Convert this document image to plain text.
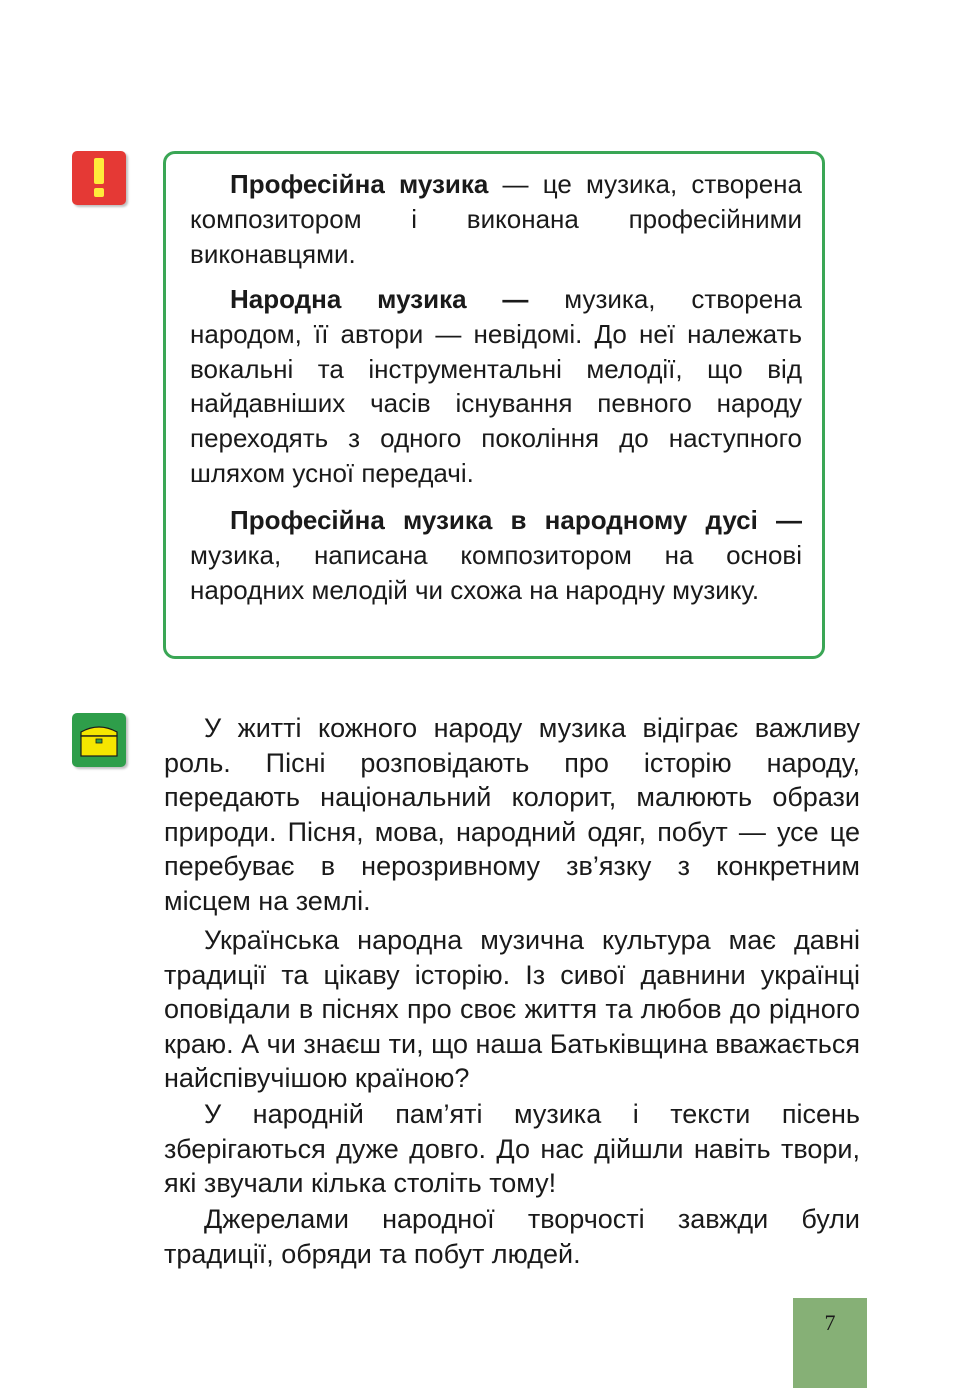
Професійна музика — це музика, створена композитором і виконана професійними виконавцями.

Народна музика — музика, створена народом, її автори — невідомі. До неї належать вокальні та інструментальні мелодії, що від найдавніших часів існування певного народу переходять з одного покоління до наступного шляхом усної передачі.

Професійна музика в народному дусі — музика, написана композитором на основі народних мелодій чи схожа на народну музику.

У житті кожного народу музика відіграє важливу роль. Пісні розповідають про історію народу, передають національний колорит, малюють образи природи. Пісня, мова, народний одяг, побут — усе це перебуває в нерозривному зв’язку з конкретним місцем на землі.

Українська народна музична культура має давні традиції та цікаву історію. Із сивої давнини українці оповідали в піснях про своє життя та любов до рідного краю. А чи знаєш ти, що наша Батьківщина вважається найспівучішою країною?

У народній пам’яті музика і тексти пісень зберігаються дуже довго. До нас дійшли навіть твори, які звучали кілька століть тому!

Джерелами народної творчості завжди були традиції, обряди та побут людей.

7
